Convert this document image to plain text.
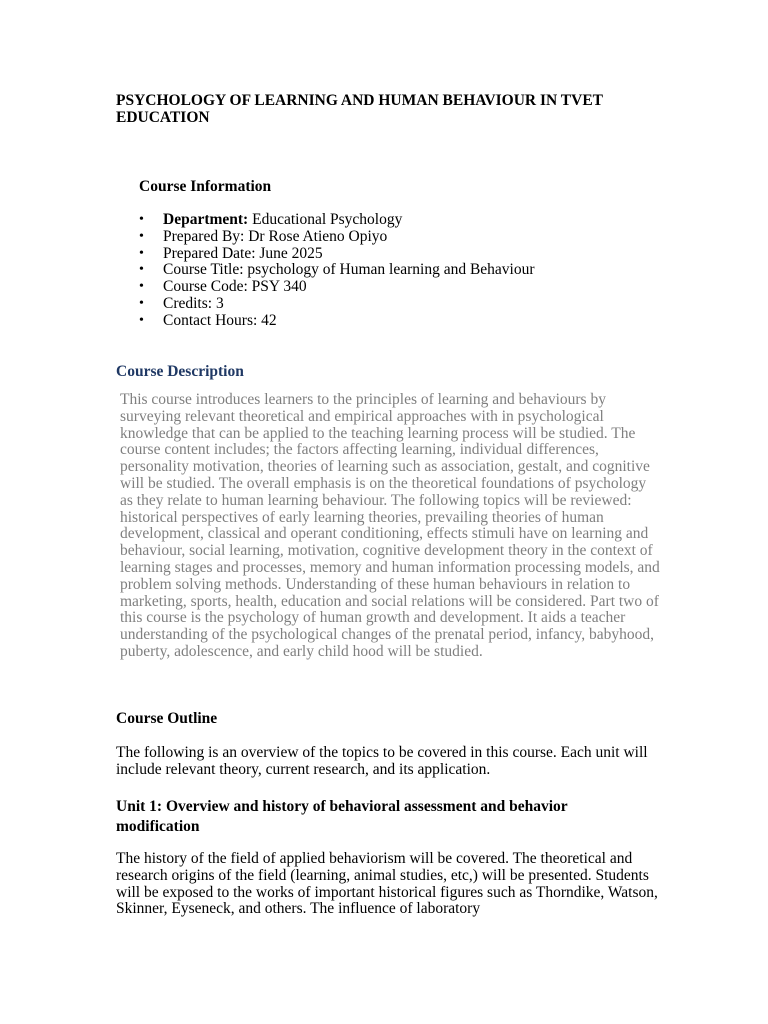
PSYCHOLOGY OF LEARNING AND HUMAN BEHAVIOUR IN TVET EDUCATION
Course Information
• Department: Educational Psychology
• Prepared By: Dr Rose Atieno Opiyo
• Prepared Date: June 2025
• Course Title: psychology of Human learning and Behaviour
• Course Code: PSY 340
• Credits: 3
• Contact Hours: 42
Course Description

This course introduces learners to the principles of learning and behaviours by surveying relevant theoretical and empirical approaches with in psychological knowledge that can be applied to the teaching learning process will be studied. The course content includes; the factors affecting learning, individual differences, personality motivation, theories of learning such as association, gestalt, and cognitive will be studied. The overall emphasis is on the theoretical foundations of psychology as they relate to human learning behaviour. The following topics will be reviewed: historical perspectives of early learning theories, prevailing theories of human development, classical and operant conditioning, effects stimuli have on learning and behaviour, social learning, motivation, cognitive development theory in the context of learning stages and processes, memory and human information processing models, and problem solving methods. Understanding of these human behaviours in relation to marketing, sports, health, education and social relations will be considered. Part two of this course is the psychology of human growth and development. It aids a teacher understanding of the psychological changes of the prenatal period, infancy, babyhood, puberty, adolescence, and early child hood will be studied.

Course Outline

The following is an overview of the topics to be covered in this course. Each unit will include relevant theory, current research, and its application.

Unit 1: Overview and history of behavioral assessment and behavior modification

The history of the field of applied behaviorism will be covered. The theoretical and research origins of the field (learning, animal studies, etc,) will be presented. Students will be exposed to the works of important historical figures such as Thorndike, Watson, Skinner, Eyseneck, and others. The influence of laboratory
